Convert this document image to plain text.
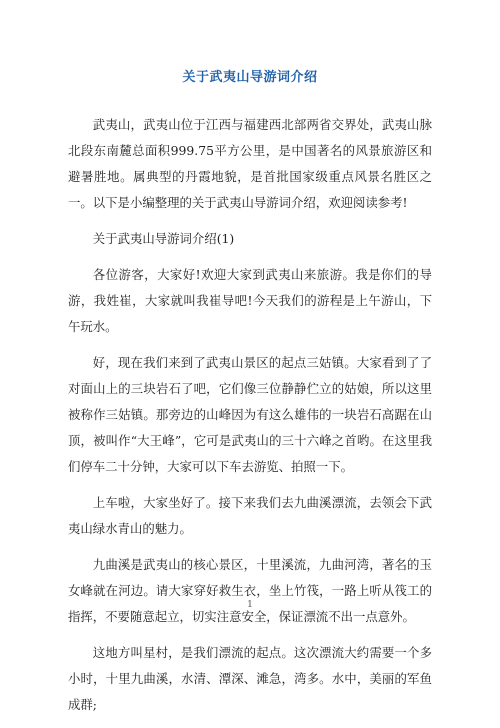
关于武夷山导游词介绍

武夷山，武夷山位于江西与福建西北部两省交界处，武夷山脉北段东南麓总面积999.75平方公里，是中国著名的风景旅游区和避暑胜地。属典型的丹霞地貌，是首批国家级重点风景名胜区之一。以下是小编整理的关于武夷山导游词介绍，欢迎阅读参考!

关于武夷山导游词介绍(1)

各位游客，大家好!欢迎大家到武夷山来旅游。我是你们的导游，我姓崔，大家就叫我崔导吧!今天我们的游程是上午游山，下午玩水。

好，现在我们来到了武夷山景区的起点三姑镇。大家看到了了对面山上的三块岩石了吧，它们像三位静静伫立的姑娘，所以这里被称作三姑镇。那旁边的山峰因为有这么雄伟的一块岩石高踞在山顶，被叫作“大王峰”，它可是武夷山的三十六峰之首哟。在这里我们停车二十分钟，大家可以下车去游览、拍照一下。

上车啦，大家坐好了。接下来我们去九曲溪漂流，去领会下武夷山绿水青山的魅力。

九曲溪是武夷山的核心景区，十里溪流，九曲河湾，著名的玉女峰就在河边。请大家穿好救生衣，坐上竹筏，一路上听从筏工的指挥，不要随意起立，切实注意安全，保证漂流不出一点意外。

这地方叫星村，是我们漂流的起点。这次漂流大约需要一个多小时，十里九曲溪，水清、潭深、滩急，湾多。水中，美丽的军鱼成群;

1
